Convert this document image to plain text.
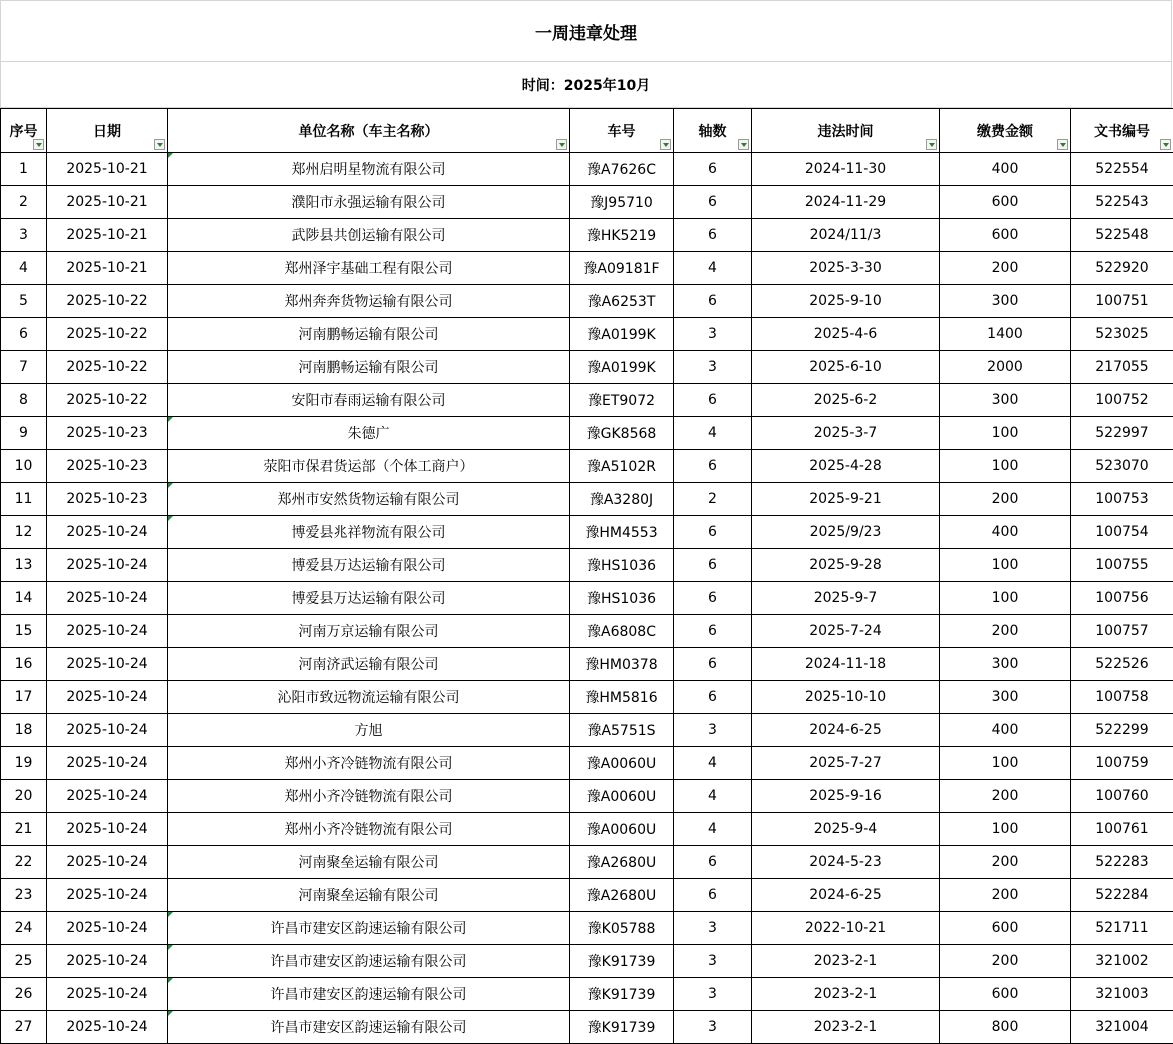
一周违章处理
时间：2025年10月
序号	日期	单位名称（车主名称）	车号	轴数	违法时间	缴费金额	文书编号

1	2025-10-21	郑州启明星物流有限公司	豫A7626C	6	2024-11-30	400	522554
2	2025-10-21	濮阳市永强运输有限公司	豫J95710	6	2024-11-29	600	522543
3	2025-10-21	武陟县共创运输有限公司	豫HK5219	6	2024/11/3	600	522548
4	2025-10-21	郑州泽宇基础工程有限公司	豫A09181F	4	2025-3-30	200	522920
5	2025-10-22	郑州奔奔货物运输有限公司	豫A6253T	6	2025-9-10	300	100751
6	2025-10-22	河南鹏畅运输有限公司	豫A0199K	3	2025-4-6	1400	523025
7	2025-10-22	河南鹏畅运输有限公司	豫A0199K	3	2025-6-10	2000	217055
8	2025-10-22	安阳市春雨运输有限公司	豫ET9072	6	2025-6-2	300	100752
9	2025-10-23	朱德广	豫GK8568	4	2025-3-7	100	522997
10	2025-10-23	荥阳市保君货运部（个体工商户）	豫A5102R	6	2025-4-28	100	523070
11	2025-10-23	郑州市安然货物运输有限公司	豫A3280J	2	2025-9-21	200	100753
12	2025-10-24	博爱县兆祥物流有限公司	豫HM4553	6	2025/9/23	400	100754
13	2025-10-24	博爱县万达运输有限公司	豫HS1036	6	2025-9-28	100	100755
14	2025-10-24	博爱县万达运输有限公司	豫HS1036	6	2025-9-7	100	100756
15	2025-10-24	河南万京运输有限公司	豫A6808C	6	2025-7-24	200	100757
16	2025-10-24	河南济武运输有限公司	豫HM0378	6	2024-11-18	300	522526
17	2025-10-24	沁阳市致远物流运输有限公司	豫HM5816	6	2025-10-10	300	100758
18	2025-10-24	方旭	豫A5751S	3	2024-6-25	400	522299
19	2025-10-24	郑州小齐冷链物流有限公司	豫A0060U	4	2025-7-27	100	100759
20	2025-10-24	郑州小齐冷链物流有限公司	豫A0060U	4	2025-9-16	200	100760
21	2025-10-24	郑州小齐冷链物流有限公司	豫A0060U	4	2025-9-4	100	100761
22	2025-10-24	河南聚垒运输有限公司	豫A2680U	6	2024-5-23	200	522283
23	2025-10-24	河南聚垒运输有限公司	豫A2680U	6	2024-6-25	200	522284
24	2025-10-24	许昌市建安区韵速运输有限公司	豫K05788	3	2022-10-21	600	521711
25	2025-10-24	许昌市建安区韵速运输有限公司	豫K91739	3	2023-2-1	200	321002
26	2025-10-24	许昌市建安区韵速运输有限公司	豫K91739	3	2023-2-1	600	321003
27	2025-10-24	许昌市建安区韵速运输有限公司	豫K91739	3	2023-2-1	800	321004
